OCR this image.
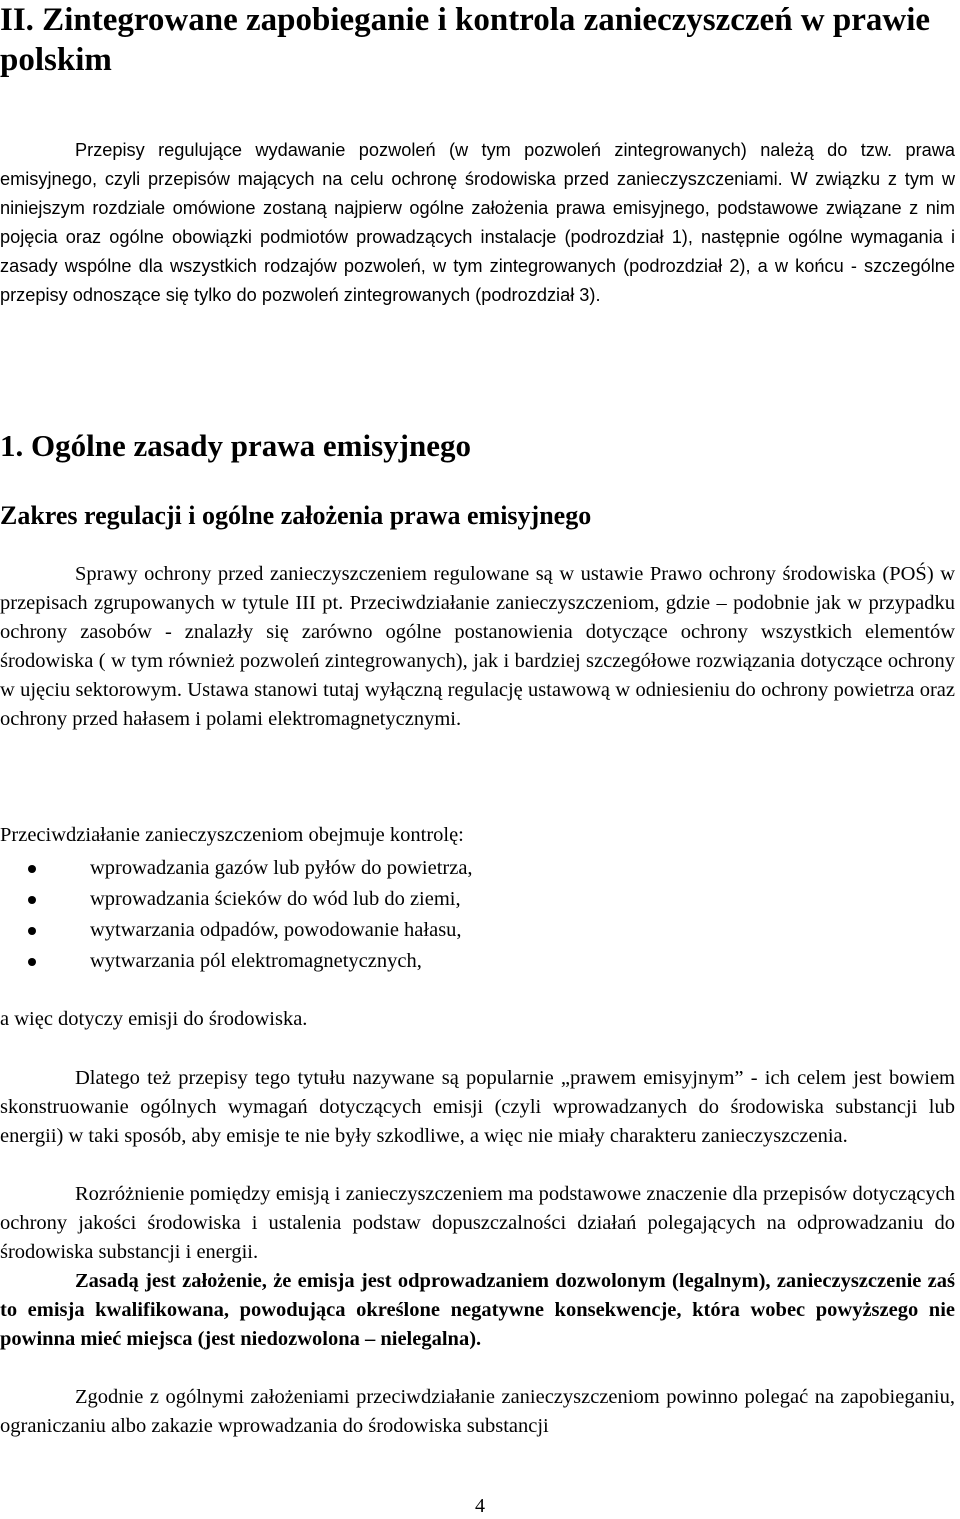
II. Zintegrowane zapobieganie i kontrola zanieczyszczeń w prawie polskim

Przepisy regulujące wydawanie pozwoleń (w tym pozwoleń zintegrowanych) należą do tzw. prawa emisyjnego, czyli przepisów mających na celu ochronę środowiska przed zanieczyszczeniami. W związku z tym w niniejszym rozdziale omówione zostaną najpierw ogólne założenia prawa emisyjnego, podstawowe związane z nim pojęcia oraz ogólne obowiązki podmiotów prowadzących instalacje (podrozdział 1), następnie ogólne wymagania i zasady wspólne dla wszystkich rodzajów pozwoleń, w tym zintegrowanych (podrozdział 2), a w końcu - szczególne przepisy odnoszące się tylko do pozwoleń zintegrowanych (podrozdział 3).

1. Ogólne zasady prawa emisyjnego
Zakres regulacji i ogólne założenia prawa emisyjnego

Sprawy ochrony przed zanieczyszczeniem regulowane są w ustawie Prawo ochrony środowiska (POŚ) w przepisach zgrupowanych w tytule III pt. Przeciwdziałanie zanieczyszczeniom, gdzie – podobnie jak w przypadku ochrony zasobów - znalazły się zarówno ogólne postanowienia dotyczące ochrony wszystkich elementów środowiska ( w tym również pozwoleń zintegrowanych), jak i bardziej szczegółowe rozwiązania dotyczące ochrony w ujęciu sektorowym. Ustawa stanowi tutaj wyłączną regulację ustawową w odniesieniu do ochrony powietrza oraz ochrony przed hałasem i polami elektromagnetycznymi.

Przeciwdziałanie zanieczyszczeniom obejmuje kontrolę:

wprowadzania gazów lub pyłów do powietrza,
wprowadzania ścieków do wód lub do ziemi,
wytwarzania odpadów, powodowanie hałasu,
wytwarzania pól elektromagnetycznych,

a więc dotyczy emisji do środowiska.

Dlatego też przepisy tego tytułu nazywane są popularnie „prawem emisyjnym” - ich celem jest bowiem skonstruowanie ogólnych wymagań dotyczących emisji (czyli wprowadzanych do środowiska substancji lub energii) w taki sposób, aby emisje te nie były szkodliwe, a więc nie miały charakteru zanieczyszczenia.

Rozróżnienie pomiędzy emisją i zanieczyszczeniem ma podstawowe znaczenie dla przepisów dotyczących ochrony jakości środowiska i ustalenia podstaw dopuszczalności działań polegających na odprowadzaniu do środowiska substancji i energii.

Zasadą jest założenie, że emisja jest odprowadzaniem dozwolonym (legalnym), zanieczyszczenie zaś to emisja kwalifikowana, powodująca określone negatywne konsekwencje, która wobec powyższego nie powinna mieć miejsca (jest niedozwolona – nielegalna).

Zgodnie z ogólnymi założeniami przeciwdziałanie zanieczyszczeniom powinno polegać na zapobieganiu, ograniczaniu albo zakazie wprowadzania do środowiska substancji

4
